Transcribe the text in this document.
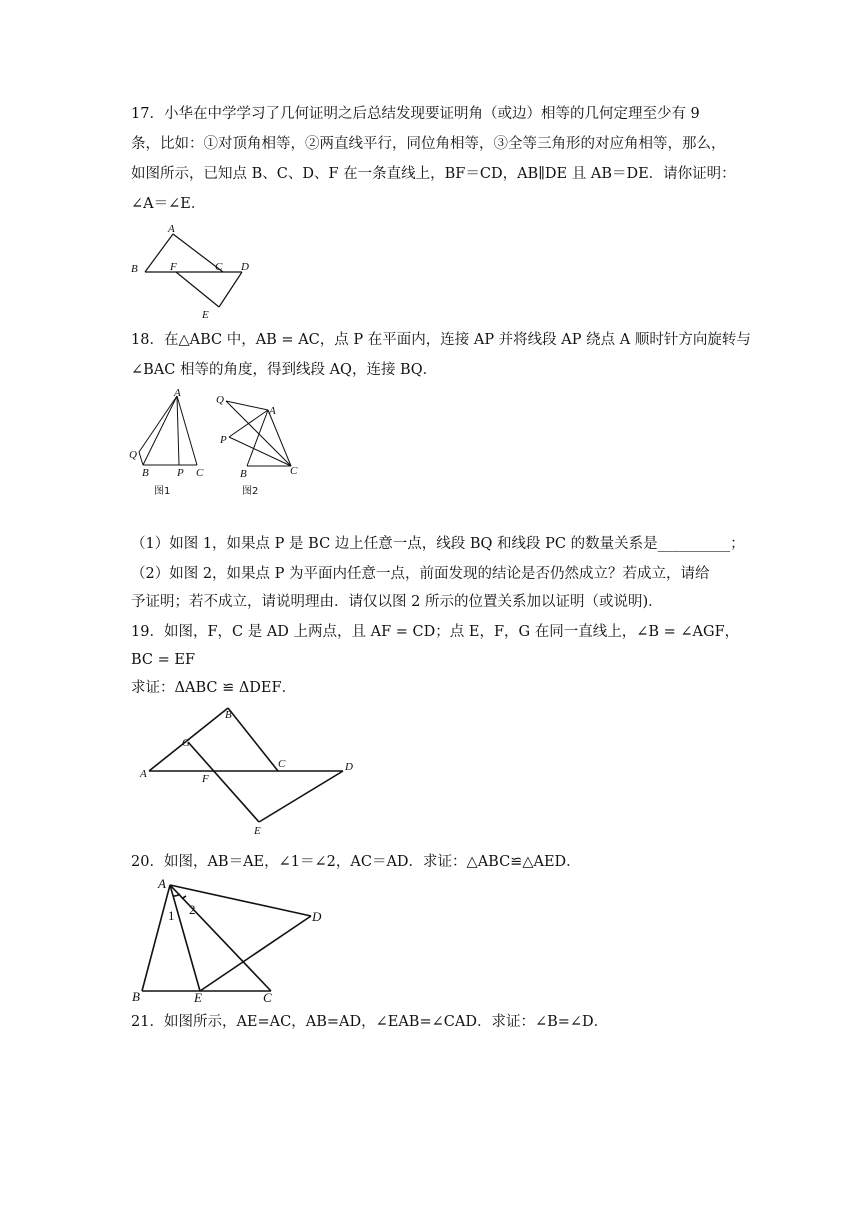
17．小华在中学学习了几何证明之后总结发现要证明角（或边）相等的几何定理至少有 9
条，比如：①对顶角相等，②两直线平行，同位角相等，③全等三角形的对应角相等，那么，
如图所示，已知点 B、C、D、F 在一条直线上，BF＝CD，AB∥DE 且 AB＝DE．请你证明：
∠A＝∠E．
A
B	F	C D
E
18．在△ABC 中，AB = AC，点 P 在平面内，连接 AP 并将线段 AP 绕点 A 顺时针方向旋转与
∠BAC 相等的角度，得到线段 AQ，连接 BQ．
A
Q
B	P C
图1
Q
A
P
B	C
图2
（1）如图 1，如果点 P 是 BC 边上任意一点，线段 BQ 和线段 PC 的数量关系是__________；
（2）如图 2，如果点 P 为平面内任意一点，前面发现的结论是否仍然成立？若成立，请给
予证明；若不成立，请说明理由．请仅以图 2 所示的位置关系加以证明（或说明)．
19．如图，F，C 是 AD 上两点，且 AF = CD；点 E，F，G 在同一直线上，∠B = ∠AGF，
BC = EF
求证：ΔABC ≌ ΔDEF．
B
G
C	D
A	F
E
20．如图，AB＝AE，∠1＝∠2，AC＝AD．求证：△ABC≌△AED．
A
1 2	D
B	E	C
21．如图所示，AE=AC，AB=AD，∠EAB=∠CAD．求证：∠B=∠D．
